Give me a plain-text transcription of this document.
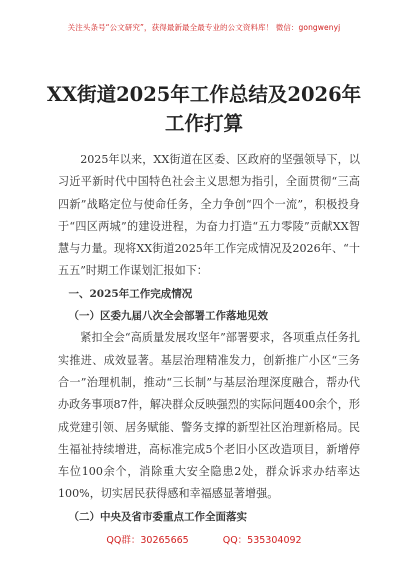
关注头条号“公文研究”，获得最新最全最专业的公文资料库！ 微信：gongwenyj
XX街道2025年工作总结及2026年工作打算

2025年以来，XX街道在区委、区政府的坚强领导下，以习近平新时代中国特色社会主义思想为指引，全面贯彻“三高四新”战略定位与使命任务，全力争创“四个一流”，积极投身于“四区两城”的建设进程，为奋力打造“五力零陵”贡献XX智慧与力量。现将XX街道2025年工作完成情况及2026年、“十五五”时期工作谋划汇报如下：

一、2025年工作完成情况

（一）区委九届八次全会部署工作落地见效

紧扣全会“高质量发展攻坚年”部署要求，各项重点任务扎实推进、成效显著。基层治理精准发力，创新推广小区“三务合一”治理机制，推动“三长制”与基层治理深度融合，帮办代办政务事项87件，解决群众反映强烈的实际问题400余个，形成党建引领、居务赋能、警务支撑的新型社区治理新格局。民生福祉持续增进，高标准完成5个老旧小区改造项目，新增停车位100余个，消除重大安全隐患2处，群众诉求办结率达100%，切实居民获得感和幸福感显著增强。

（二）中央及省市委重点工作全面落实

QQ群：30265665	QQ：535304092
